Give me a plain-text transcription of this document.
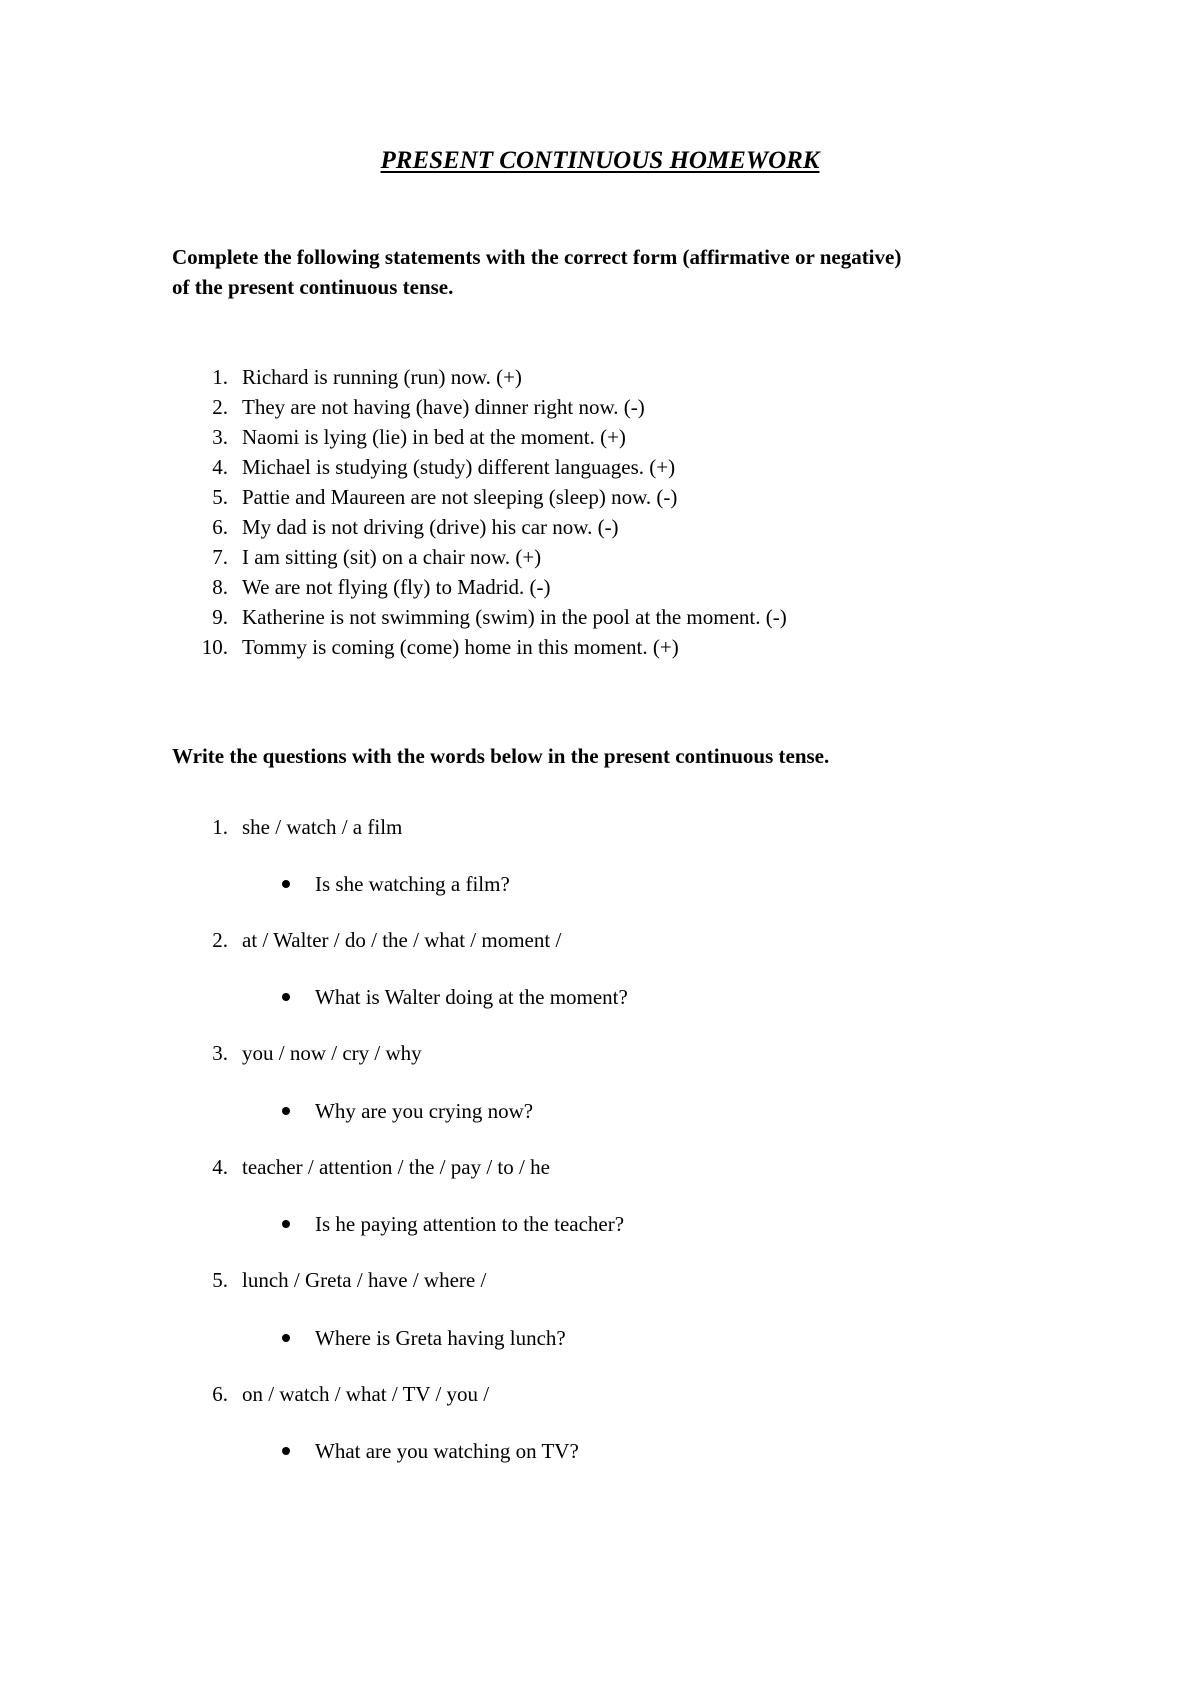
PRESENT CONTINUOUS HOMEWORK
Complete the following statements with the correct form (affirmative or negative)
of the present continuous tense.
1. Richard is running (run) now. (+)
2. They are not having (have) dinner right now. (-)
3. Naomi is lying (lie) in bed at the moment. (+)
4. Michael is studying (study) different languages. (+)
5. Pattie and Maureen are not sleeping (sleep) now. (-)
6. My dad is not driving (drive) his car now. (-)
7. I am sitting (sit) on a chair now. (+)
8. We are not flying (fly) to Madrid. (-)
9. Katherine is not swimming (swim) in the pool at the moment. (-)
10. Tommy is coming (come) home in this moment. (+)
Write the questions with the words below in the present continuous tense.
1. she / watch / a film
Is she watching a film?
2. at / Walter / do / the / what / moment /
What is Walter doing at the moment?
3. you / now / cry / why
Why are you crying now?
4. teacher / attention / the / pay / to / he
Is he paying attention to the teacher?
5. lunch / Greta / have / where /
Where is Greta having lunch?
6. on / watch / what / TV / you /
What are you watching on TV?
